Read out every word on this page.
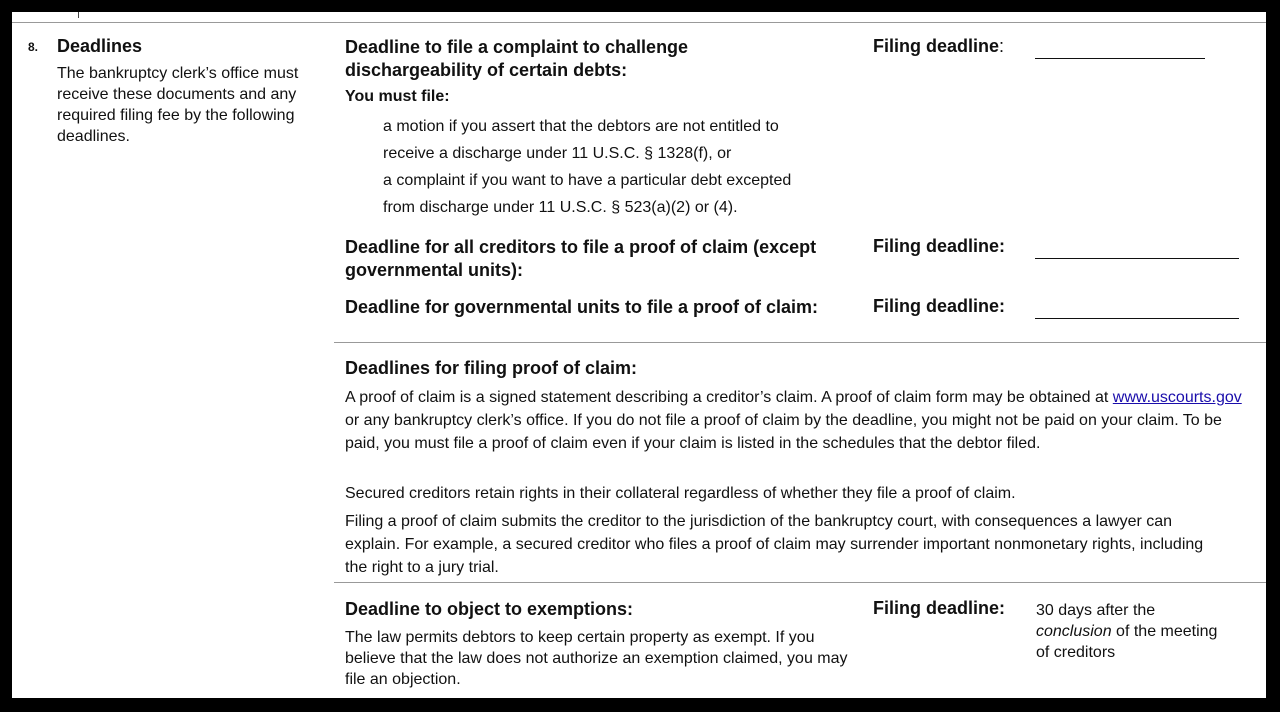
8. Deadlines
The bankruptcy clerk’s office must receive these documents and any required filing fee by the following deadlines.
Deadline to file a complaint to challenge dischargeability of certain debts:
You must file:
a motion if you assert that the debtors are not entitled to
receive a discharge under 11 U.S.C. § 1328(f), or
a complaint if you want to have a particular debt excepted
from discharge under 11 U.S.C. § 523(a)(2) or (4).
Filing deadline:
Deadline for all creditors to file a proof of claim (except governmental units):
Filing deadline:
Deadline for governmental units to file a proof of claim:	Filing deadline:
Deadlines for filing proof of claim:
A proof of claim is a signed statement describing a creditor’s claim. A proof of claim form may be obtained at www.uscourts.gov or any bankruptcy clerk’s office. If you do not file a proof of claim by the deadline, you might not be paid on your claim. To be paid, you must file a proof of claim even if your claim is listed in the schedules that the debtor filed.
Secured creditors retain rights in their collateral regardless of whether they file a proof of claim.
Filing a proof of claim submits the creditor to the jurisdiction of the bankruptcy court, with consequences a lawyer can explain. For example, a secured creditor who files a proof of claim may surrender important nonmonetary rights, including the right to a jury trial.
Deadline to object to exemptions:
The law permits debtors to keep certain property as exempt. If you believe that the law does not authorize an exemption claimed, you may file an objection.
Filing deadline: 30 days after the
conclusion of the meeting
of creditors
